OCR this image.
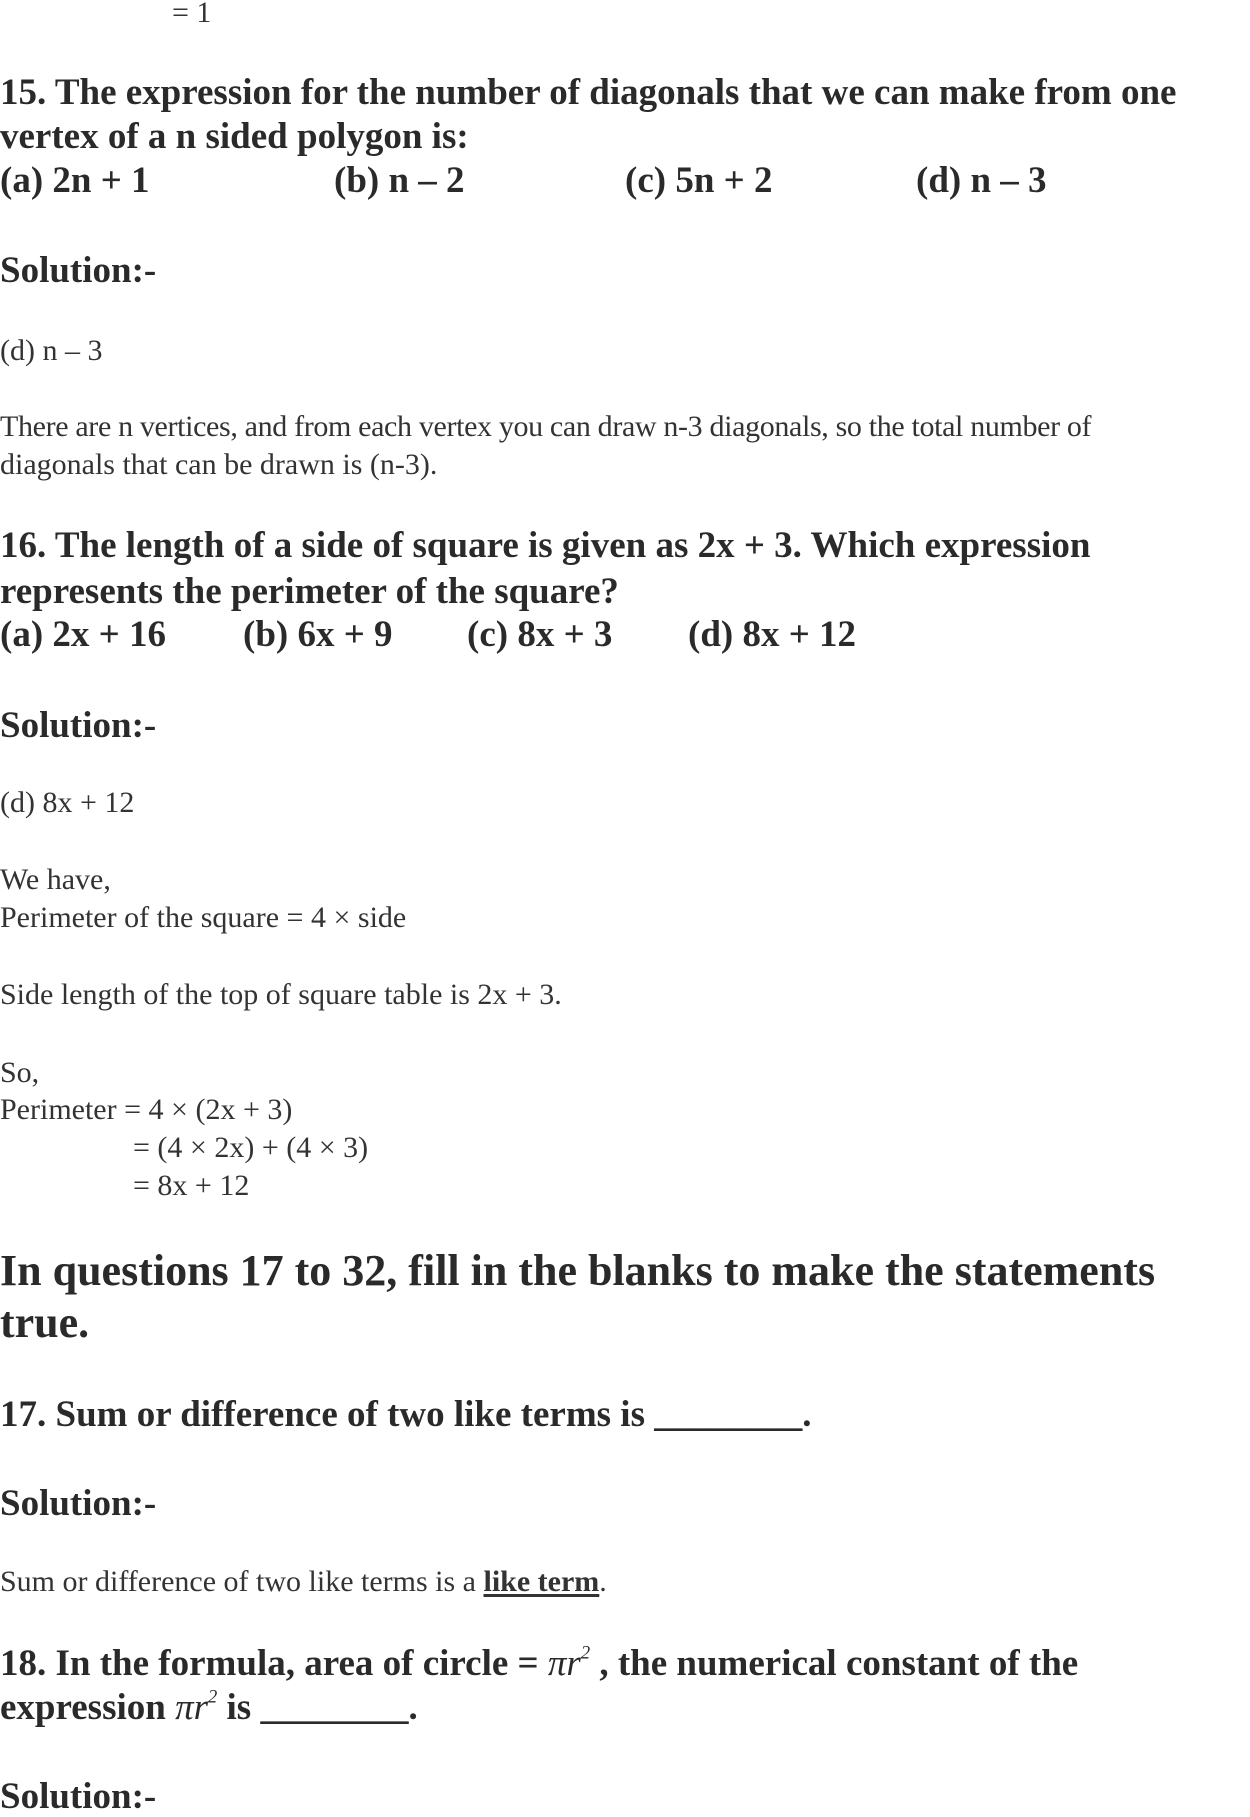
= 1
15. The expression for the number of diagonals that we can make from one
vertex of a n sided polygon is:
(a) 2n + 1	(b) n – 2	(c) 5n + 2	(d) n – 3
Solution:-
(d) n – 3
There are n vertices, and from each vertex you can draw n-3 diagonals, so the total number of
diagonals that can be drawn is (n-3).
16. The length of a side of square is given as 2x + 3. Which expression
represents the perimeter of the square?
(a) 2x + 16 (b) 6x + 9 (c) 8x + 3 (d) 8x + 12
Solution:-
(d) 8x + 12
We have,
Perimeter of the square = 4 × side
Side length of the top of square table is 2x + 3.
So,
Perimeter = 4 × (2x + 3)
= (4 × 2x) + (4 × 3)
= 8x + 12
In questions 17 to 32, fill in the blanks to make the statements
true.
17. Sum or difference of two like terms is ________.
Solution:-
Sum or difference of two like terms is a like term.
18. In the formula, area of circle = $\pi r^2$ , the numerical constant of the
expression $\pi r^2$ is ________.
Solution:-
